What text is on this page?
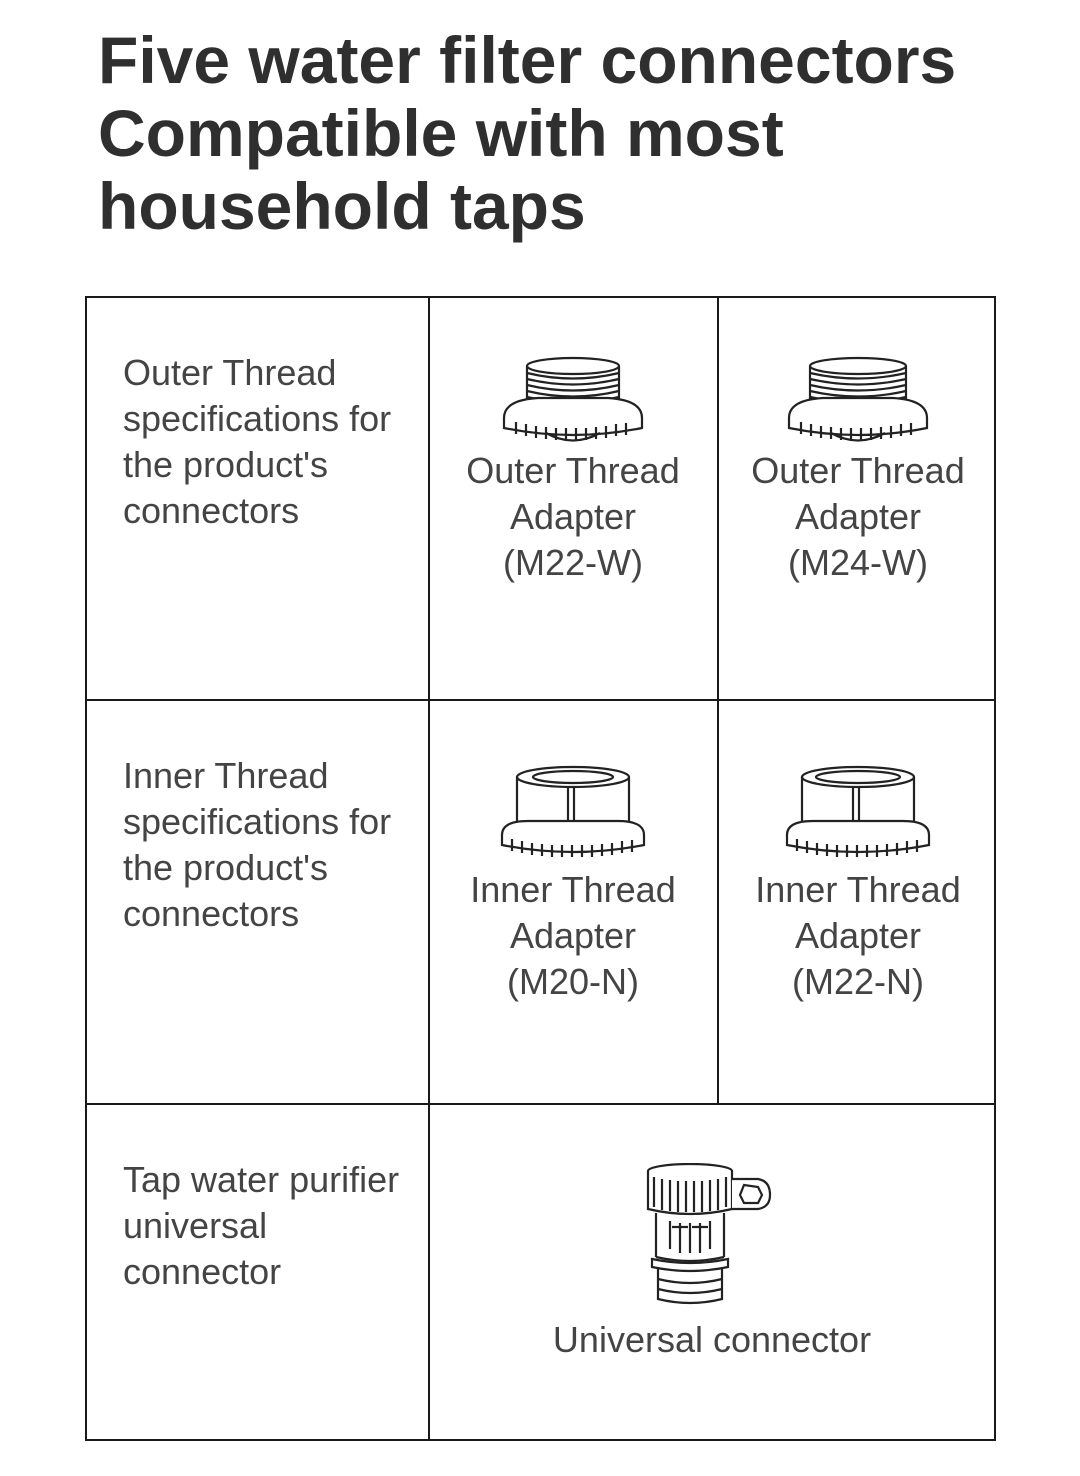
Five water filter connectors
Compatible with most
household taps
Outer Thread
specifications for
the product's
connectors
Outer Thread
Adapter
(M22-W)
Outer Thread
Adapter
(M24-W)
Inner Thread
specifications for
the product's
connectors
Inner Thread
Adapter
(M20-N)
Inner Thread
Adapter
(M22-N)
Tap water purifier
universal
connector
Universal connector
